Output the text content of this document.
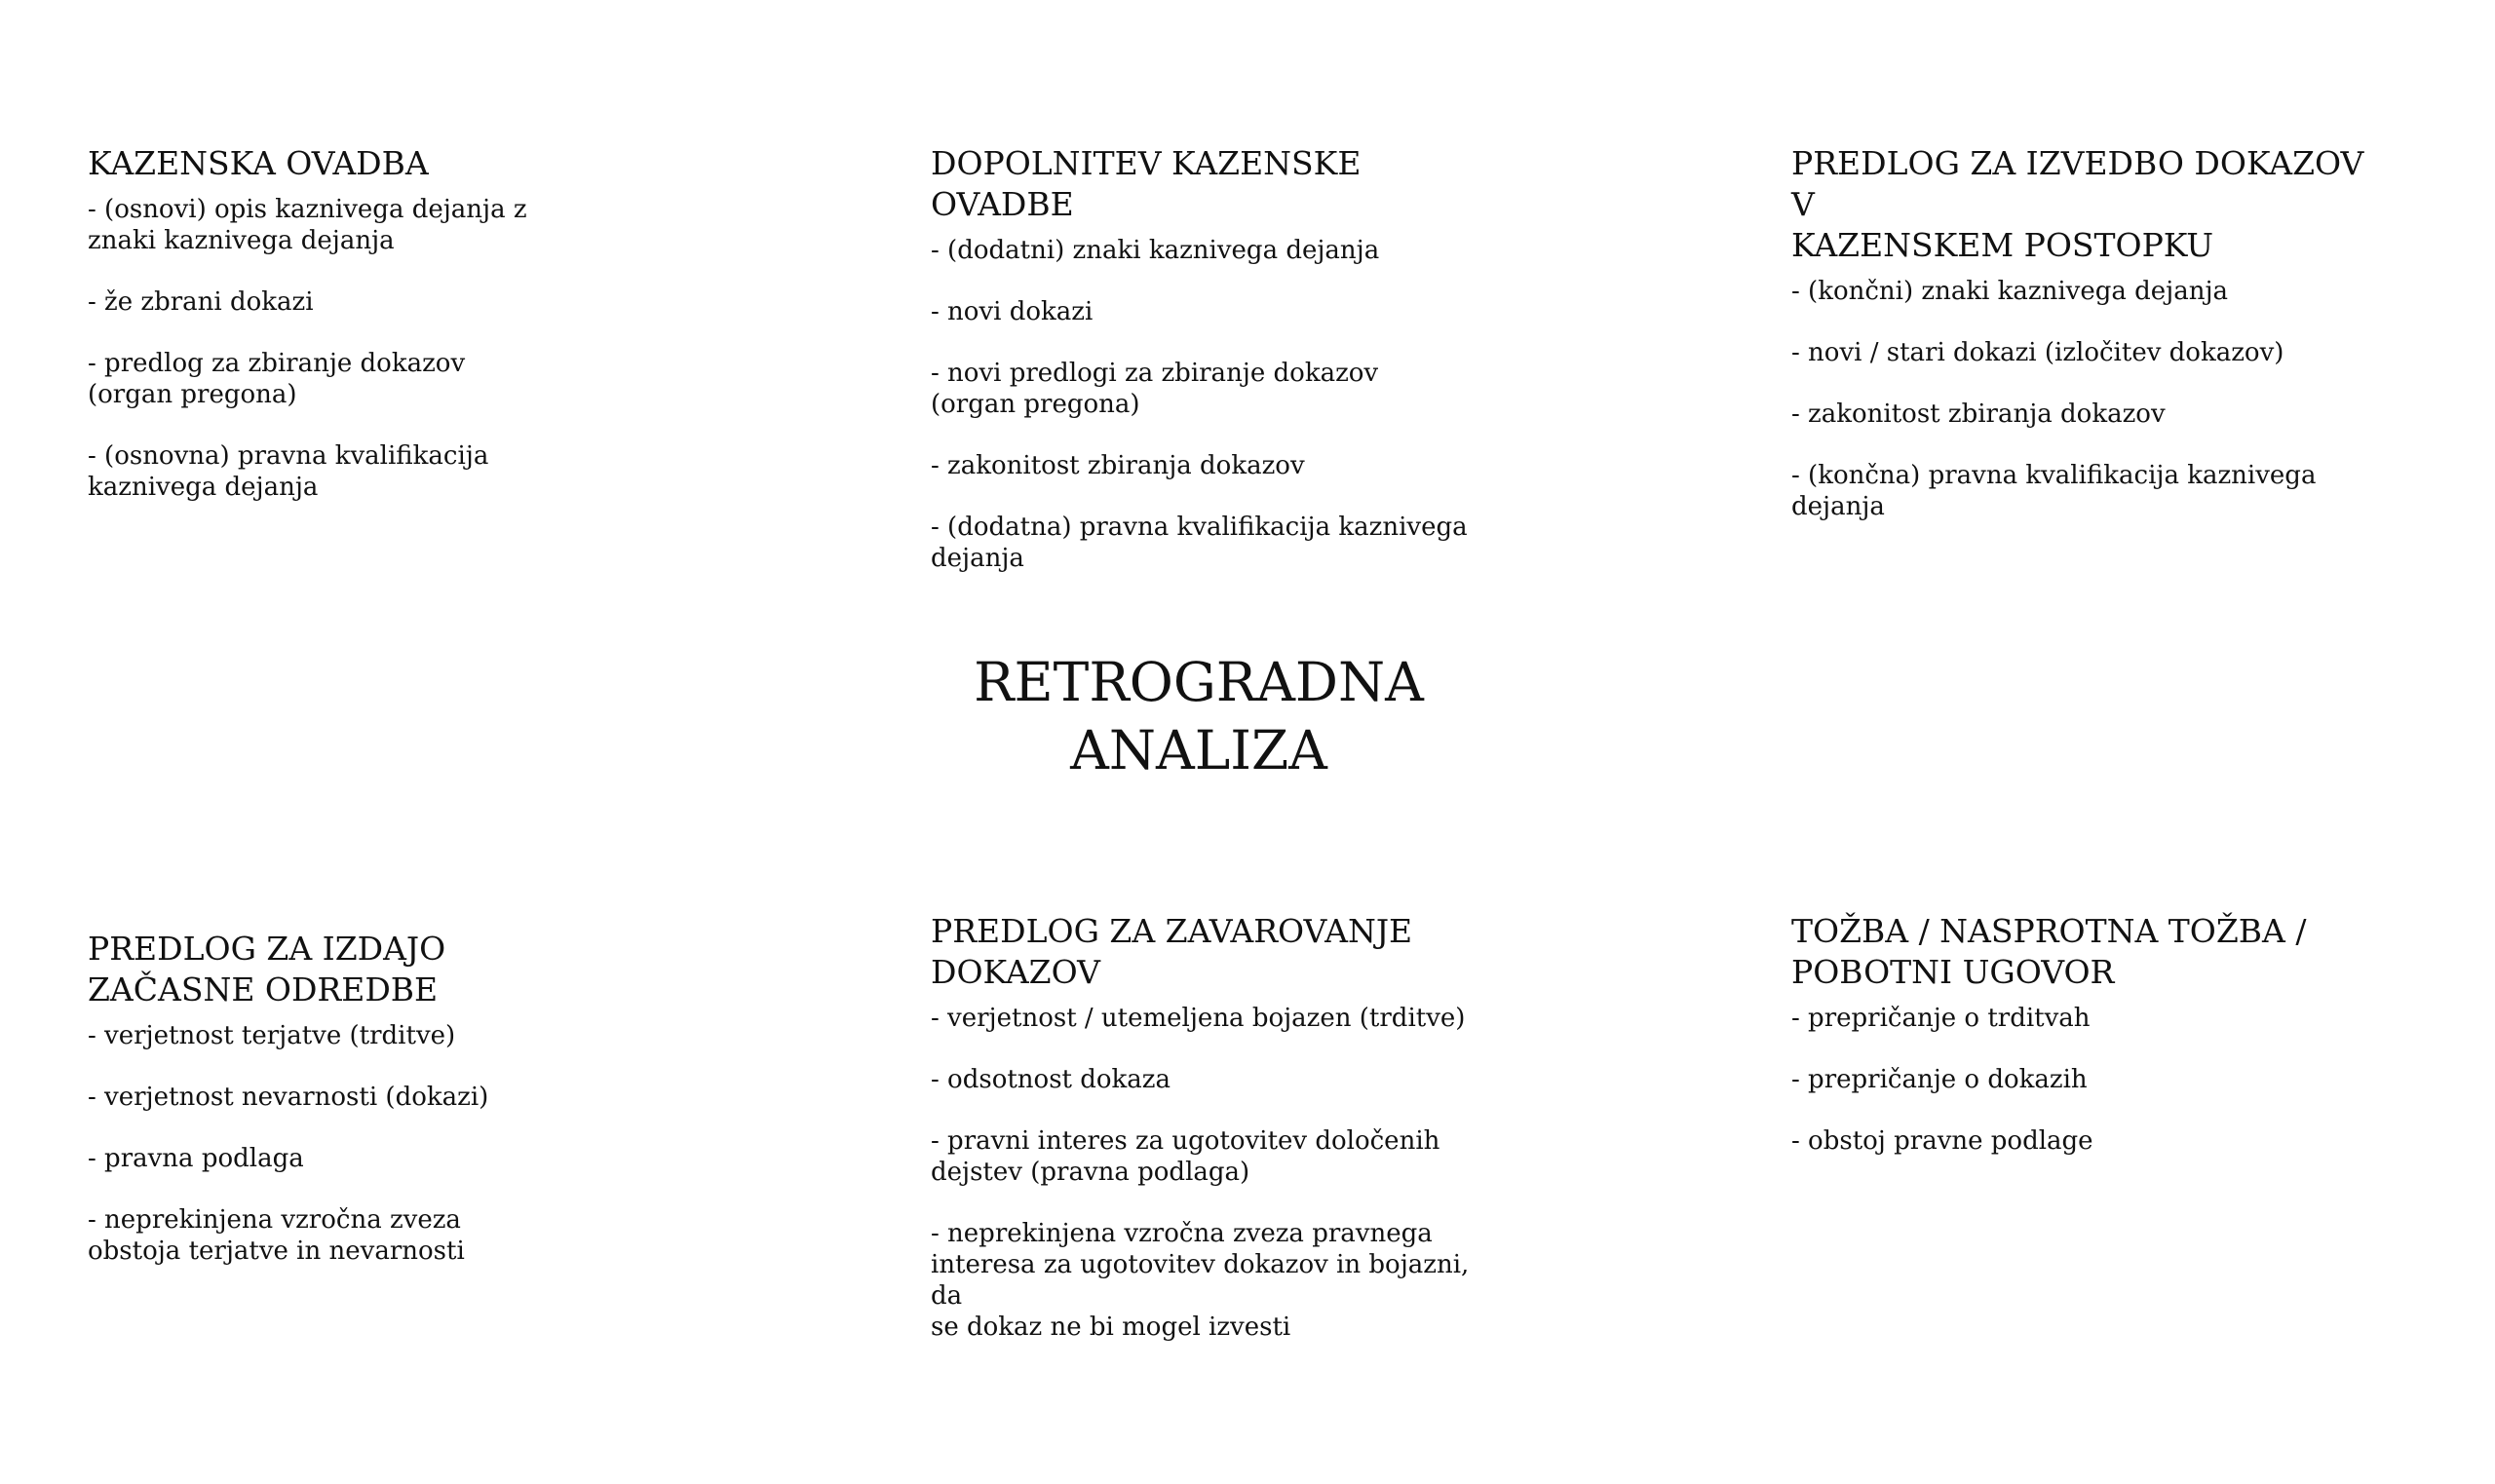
RETROGRADNA
ANALIZA
KAZENSKA OVADBA
- (osnovi) opis kaznivega dejanja z
znaki kaznivega dejanja
- že zbrani dokazi
- predlog za zbiranje dokazov
(organ pregona)
- (osnovna) pravna kvalifikacija
kaznivega dejanja
DOPOLNITEV KAZENSKE OVADBE
- (dodatni) znaki kaznivega dejanja
- novi dokazi
- novi predlogi za zbiranje dokazov
(organ pregona)
- zakonitost zbiranja dokazov
- (dodatna) pravna kvalifikacija kaznivega
dejanja
PREDLOG ZA IZVEDBO DOKAZOV V
KAZENSKEM POSTOPKU
- (končni) znaki kaznivega dejanja
- novi / stari dokazi (izločitev dokazov)
- zakonitost zbiranja dokazov
- (končna) pravna kvalifikacija kaznivega
dejanja
PREDLOG ZA IZDAJO
ZAČASNE ODREDBE
- verjetnost terjatve (trditve)
- verjetnost nevarnosti (dokazi)
- pravna podlaga
- neprekinjena vzročna zveza
obstoja terjatve in nevarnosti
PREDLOG ZA ZAVAROVANJE
DOKAZOV
- verjetnost / utemeljena bojazen (trditve)
- odsotnost dokaza
- pravni interes za ugotovitev določenih
dejstev (pravna podlaga)
- neprekinjena vzročna zveza pravnega
interesa za ugotovitev dokazov in bojazni, da
se dokaz ne bi mogel izvesti
TOŽBA / NASPROTNA TOŽBA /
POBOTNI UGOVOR
- prepričanje o trditvah
- prepričanje o dokazih
- obstoj pravne podlage
